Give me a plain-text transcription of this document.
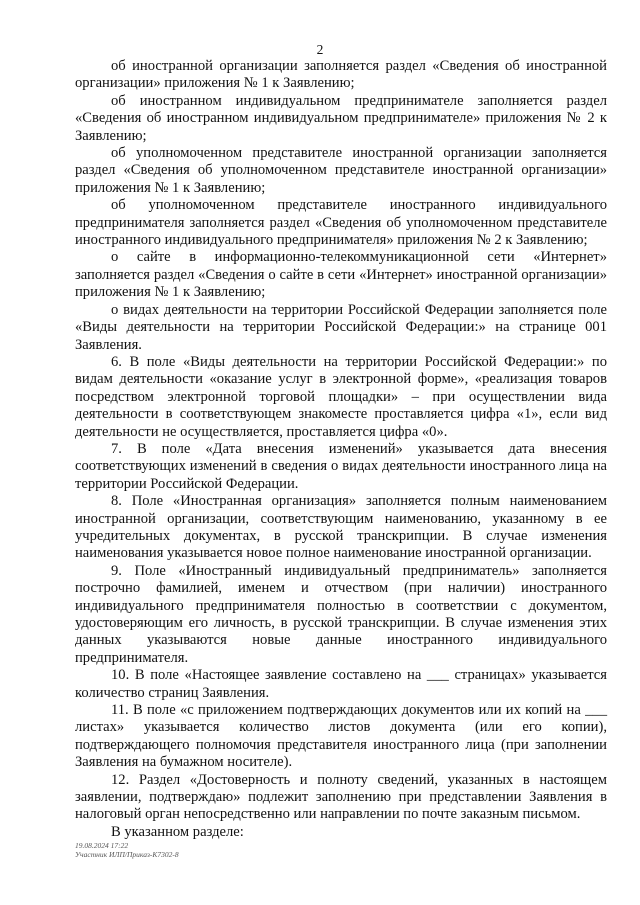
2

об иностранной организации заполняется раздел «Сведения об иностранной организации» приложения № 1 к Заявлению;

об иностранном индивидуальном предпринимателе заполняется раздел «Сведения об иностранном индивидуальном предпринимателе» приложения № 2 к Заявлению;

об уполномоченном представителе иностранной организации заполняется раздел «Сведения об уполномоченном представителе иностранной организации» приложения № 1 к Заявлению;

об уполномоченном представителе иностранного индивидуального предпринимателя заполняется раздел «Сведения об уполномоченном представителе иностранного индивидуального предпринимателя» приложения № 2 к Заявлению;

о сайте в информационно-телекоммуникационной сети «Интернет» заполняется раздел «Сведения о сайте в сети «Интернет» иностранной организации» приложения № 1 к Заявлению;

о видах деятельности на территории Российской Федерации заполняется поле «Виды деятельности на территории Российской Федерации:» на странице 001 Заявления.

6. В поле «Виды деятельности на территории Российской Федерации:» по видам деятельности «оказание услуг в электронной форме», «реализация товаров посредством электронной торговой площадки» – при осуществлении вида деятельности в соответствующем знакоместе проставляется цифра «1», если вид деятельности не осуществляется, проставляется цифра «0».

7. В поле «Дата внесения изменений» указывается дата внесения соответствующих изменений в сведения о видах деятельности иностранного лица на территории Российской Федерации.

8. Поле «Иностранная организация» заполняется полным наименованием иностранной организации, соответствующим наименованию, указанному в ее учредительных документах, в русской транскрипции. В случае изменения наименования указывается новое полное наименование иностранной организации.

9. Поле «Иностранный индивидуальный предприниматель» заполняется построчно фамилией, именем и отчеством (при наличии) иностранного индивидуального предпринимателя полностью в соответствии с документом, удостоверяющим его личность, в русской транскрипции. В случае изменения этих данных указываются новые данные иностранного индивидуального предпринимателя.

10. В поле «Настоящее заявление составлено на ___ страницах» указывается количество страниц Заявления.

11. В поле «с приложением подтверждающих документов или их копий на ___ листах» указывается количество листов документа (или его копии), подтверждающего полномочия представителя иностранного лица (при заполнении Заявления на бумажном носителе).

12. Раздел «Достоверность и полноту сведений, указанных в настоящем заявлении, подтверждаю» подлежит заполнению при представлении Заявления в налоговый орган непосредственно или направлении по почте заказным письмом.

В указанном разделе:

19.08.2024 17:22
Участник ИЛП/Приказ-К7302-8
